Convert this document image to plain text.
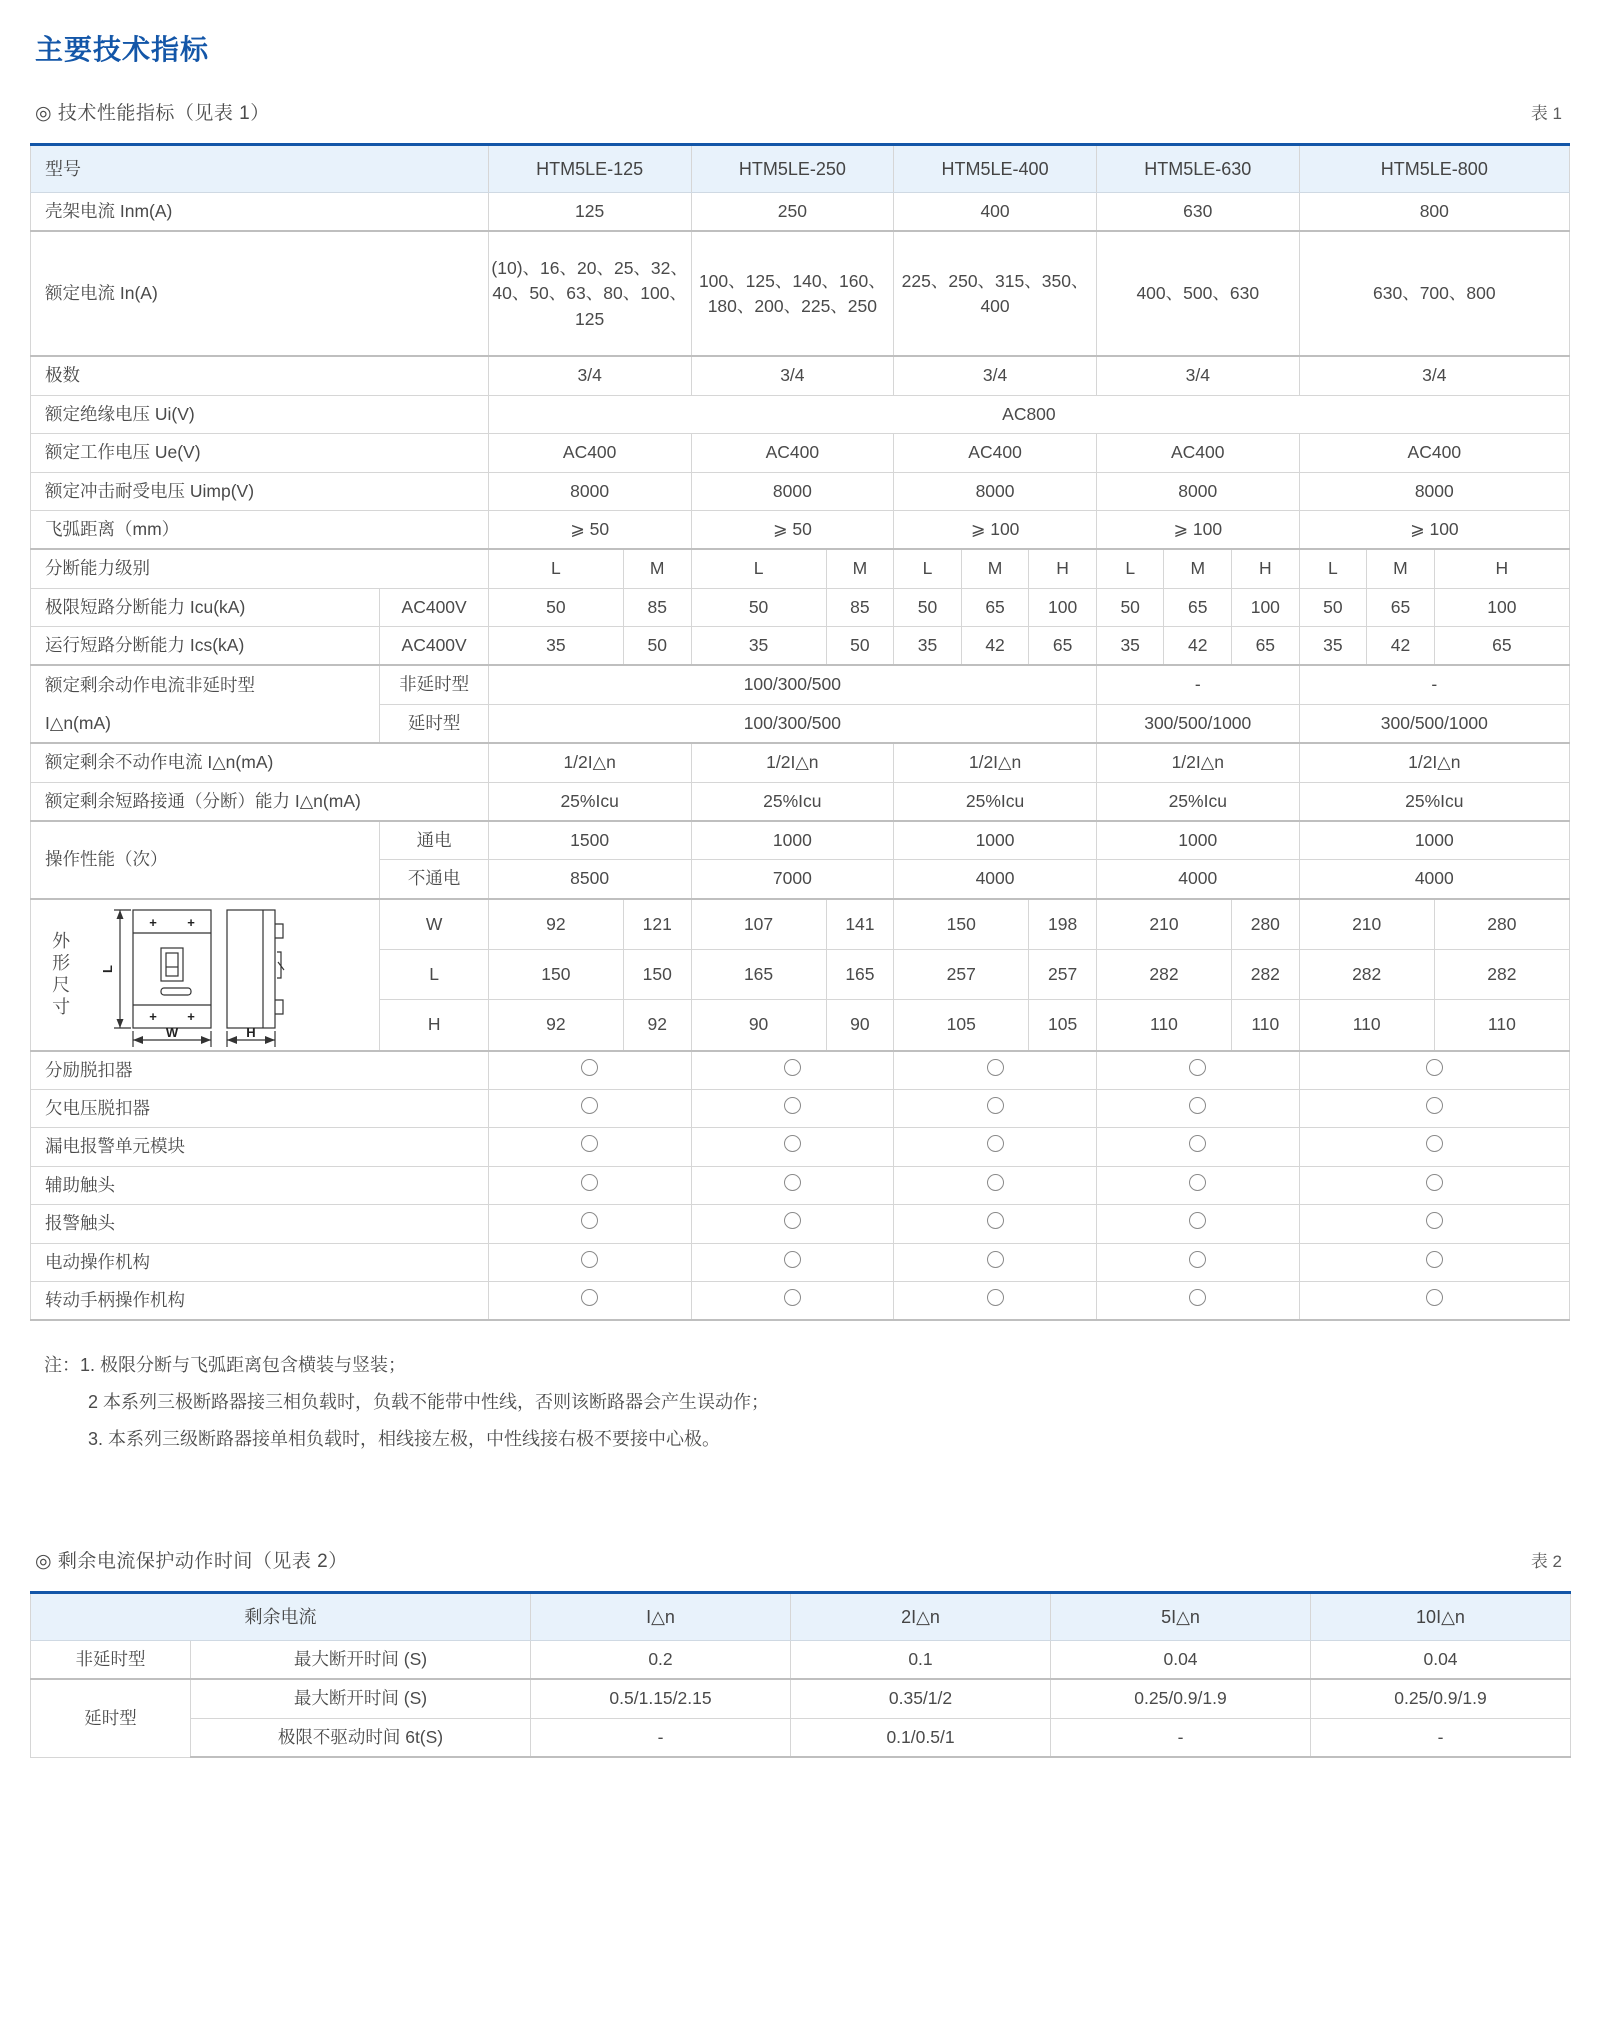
主要技术指标
◎ 技术性能指标（见表 1）	表 1
型号		HTM5LE-125		HTM5LE-250		HTM5LE-400			HTM5LE-630			HTM5LE-800		
壳架电流 Inm(A)		125		250		400			630			800		
额定电流 In(A)		(10)、16、20、25、32、40、50、63、80、100、125		100、125、140、160、180、200、225、250		225、250、315、350、400			400、500、630			630、700、800		
极数		3/4		3/4		3/4			3/4			3/4		
额定绝缘电压 Ui(V)		AC800												
额定工作电压 Ue(V)		AC400		AC400		AC400			AC400			AC400		
额定冲击耐受电压 Uimp(V)		8000		8000		8000			8000			8000		
飞弧距离（mm）		⩾ 50		⩾ 50		⩾ 100			⩾ 100			⩾ 100		
分断能力级别		L	M	L	M	L	M	H	L	M	H	L	M	H
极限短路分断能力 Icu(kA)	AC400V	50	85	50	85	50	65	100	50	65	100	50	65	100
运行短路分断能力 Ics(kA)	AC400V	35	50	35	50	35	42	65	35	42	65	35	42	65
额定剩余动作电流非延时型	非延时型	100/300/500							-			-		
I△n(mA)	延时型	100/300/500							300/500/1000			300/500/1000		
额定剩余不动作电流 I△n(mA)		1/2I△n		1/2I△n		1/2I△n			1/2I△n			1/2I△n		
额定剩余短路接通（分断）能力 I△n(mA)		25%Icu		25%Icu		25%Icu			25%Icu			25%Icu		
操作性能（次）	通电	1500		1000		1000			1000			1000		
	不通电	8500		7000		4000			4000			4000		

外形尺寸
+ +
+ +
L
W	H
	W	92	121	107	141	150	198	210	280	210	280
	L	150	150	165	165	257		257	282		282	282		282
	H	92	92	90	90	105		105	110		110	110		110
分励脱扣器														
欠电压脱扣器														
漏电报警单元模块														
辅助触头														
报警触头														
电动操作机构														
转动手柄操作机构														
注：1. 极限分断与飞弧距离包含横装与竖装；
2 本系列三极断路器接三相负载时，负载不能带中性线，否则该断路器会产生误动作；
3. 本系列三级断路器接单相负载时，相线接左极，中性线接右极不要接中心极。
◎ 剩余电流保护动作时间（见表 2）	表 2
剩余电流		I△n	2I△n	5I△n	10I△n
非延时型	最大断开时间 (S)	0.2	0.1	0.04	0.04
延时型	最大断开时间 (S)	0.5/1.15/2.15	0.35/1/2	0.25/0.9/1.9	0.25/0.9/1.9
	极限不驱动时间 6t(S)	-	0.1/0.5/1	-	-
